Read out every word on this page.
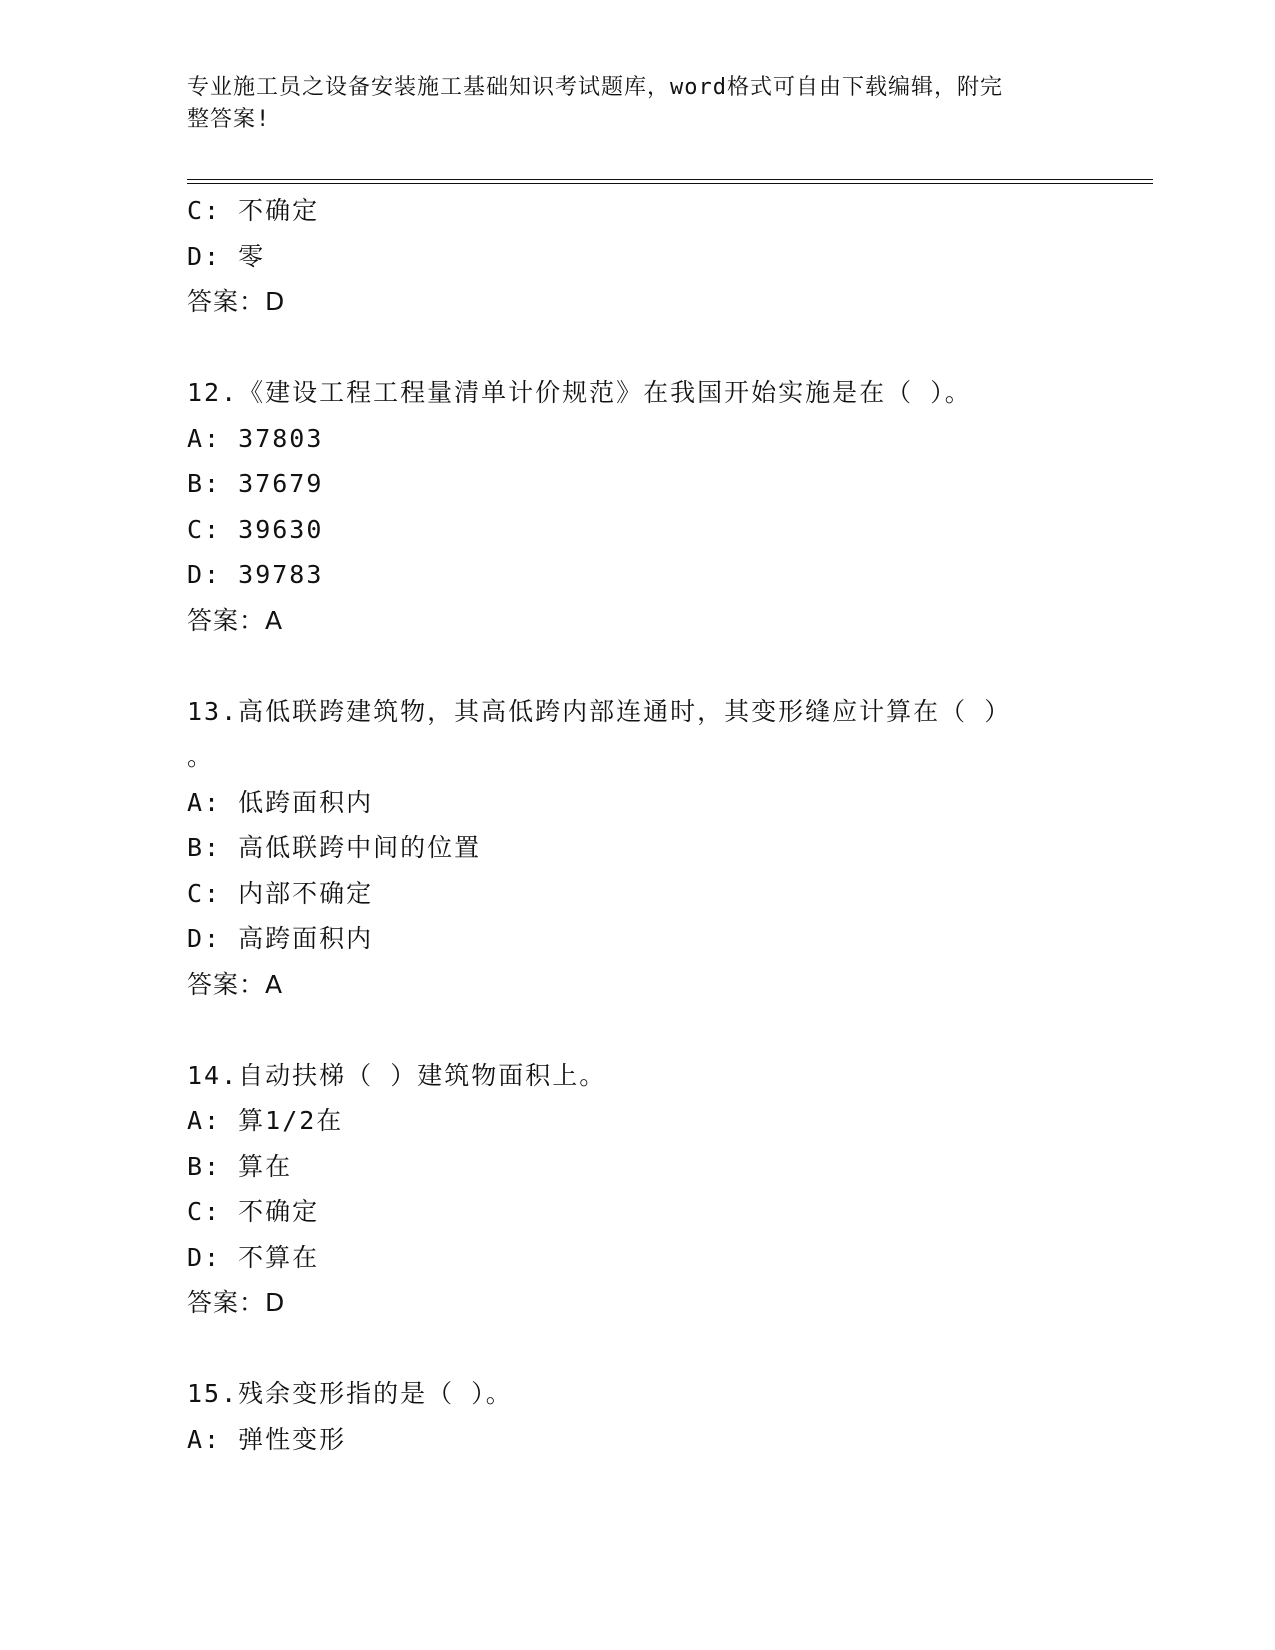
专业施工员之设备安装施工基础知识考试题库，word格式可自由下载编辑，附完
整答案!
C: 不确定
D: 零
答案：D
12.《建设工程工程量清单计价规范》在我国开始实施是在（ ）。
A: 37803
B: 37679
C: 39630
D: 39783
答案：A
13.高低联跨建筑物，其高低跨内部连通时，其变形缝应计算在（ ）
。
A: 低跨面积内
B: 高低联跨中间的位置
C: 内部不确定
D: 高跨面积内
答案：A
14.自动扶梯（ ）建筑物面积上。
A: 算1/2在
B: 算在
C: 不确定
D: 不算在
答案：D
15.残余变形指的是（ ）。
A: 弹性变形
